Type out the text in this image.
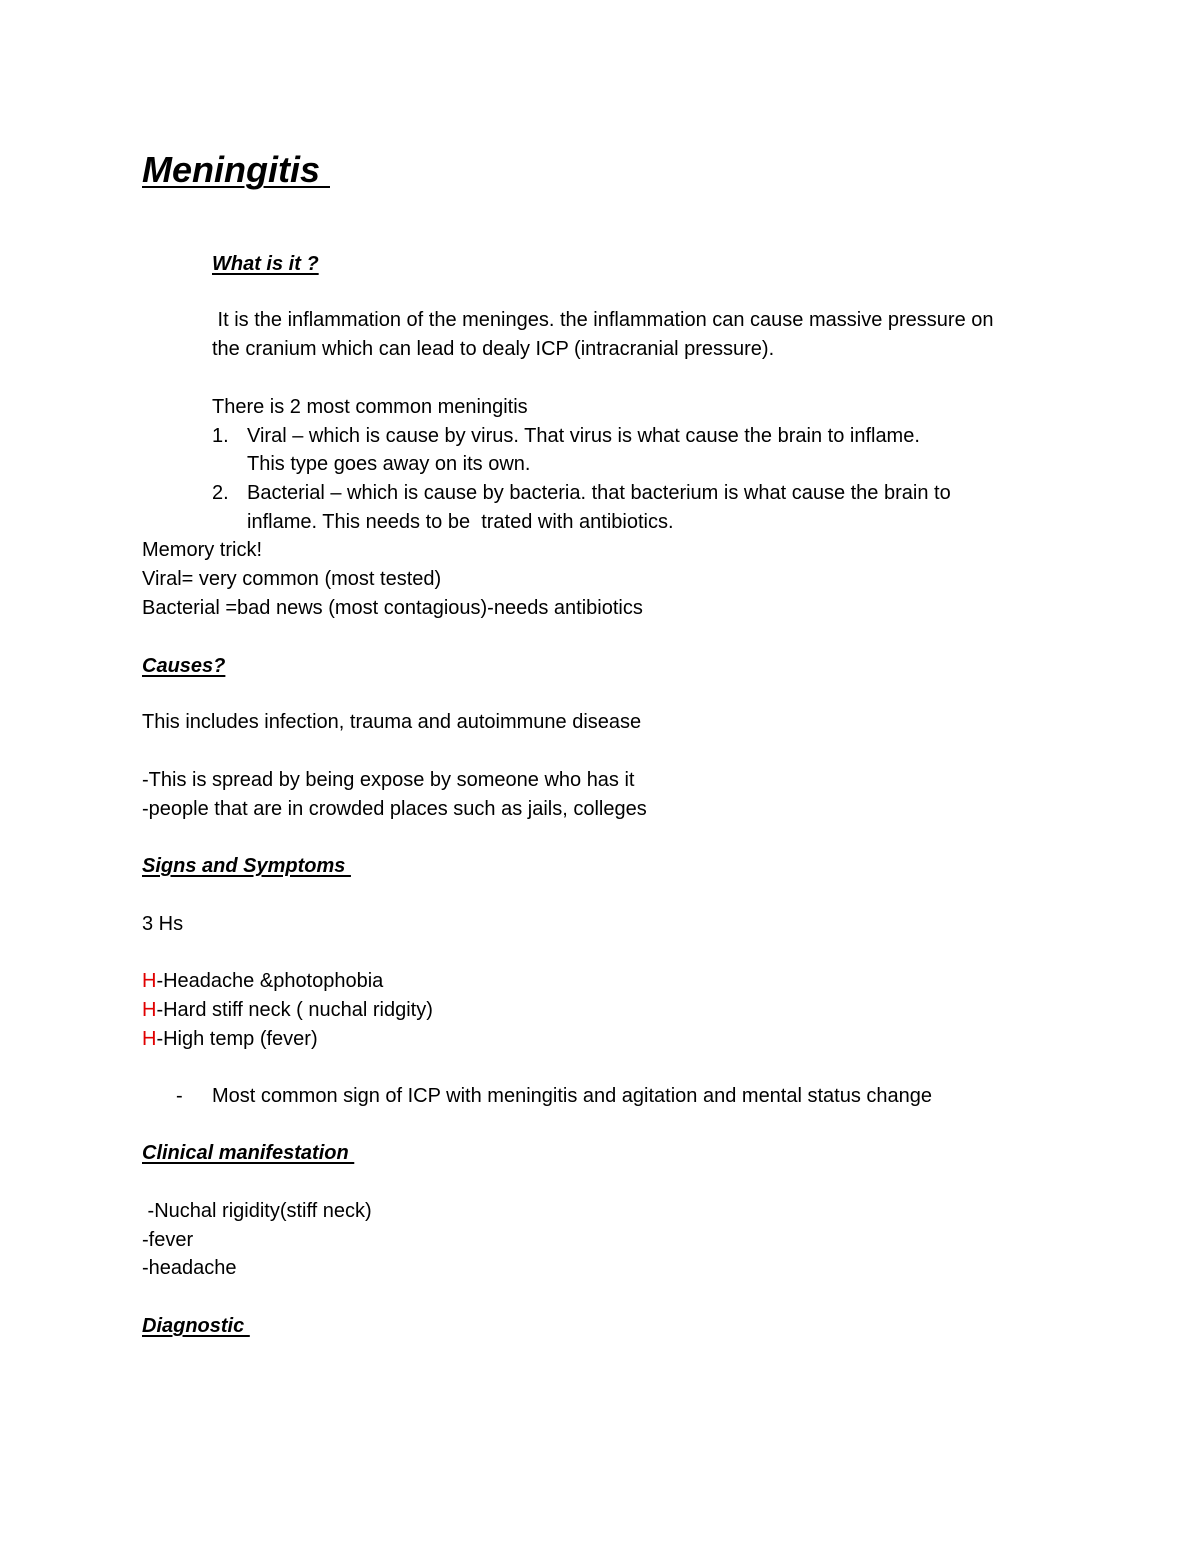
Meningitis
What is it ?
It is the inflammation of the meninges. the inflammation can cause massive pressure on
the cranium which can lead to dealy ICP (intracranial pressure).
There is 2 most common meningitis
1. Viral – which is cause by virus. That virus is what cause the brain to inflame.
This type goes away on its own.
2. Bacterial – which is cause by bacteria. that bacterium is what cause the brain to
inflame. This needs to be  trated with antibiotics.
Memory trick!
Viral= very common (most tested)
Bacterial =bad news (most contagious)-needs antibiotics
Causes?
This includes infection, trauma and autoimmune disease
-This is spread by being expose by someone who has it
-people that are in crowded places such as jails, colleges
Signs and Symptoms
3 Hs
H-Headache &photophobia
H-Hard stiff neck ( nuchal ridgity)
H-High temp (fever)
- Most common sign of ICP with meningitis and agitation and mental status change
Clinical manifestation
-Nuchal rigidity(stiff neck)
-fever
-headache
Diagnostic
